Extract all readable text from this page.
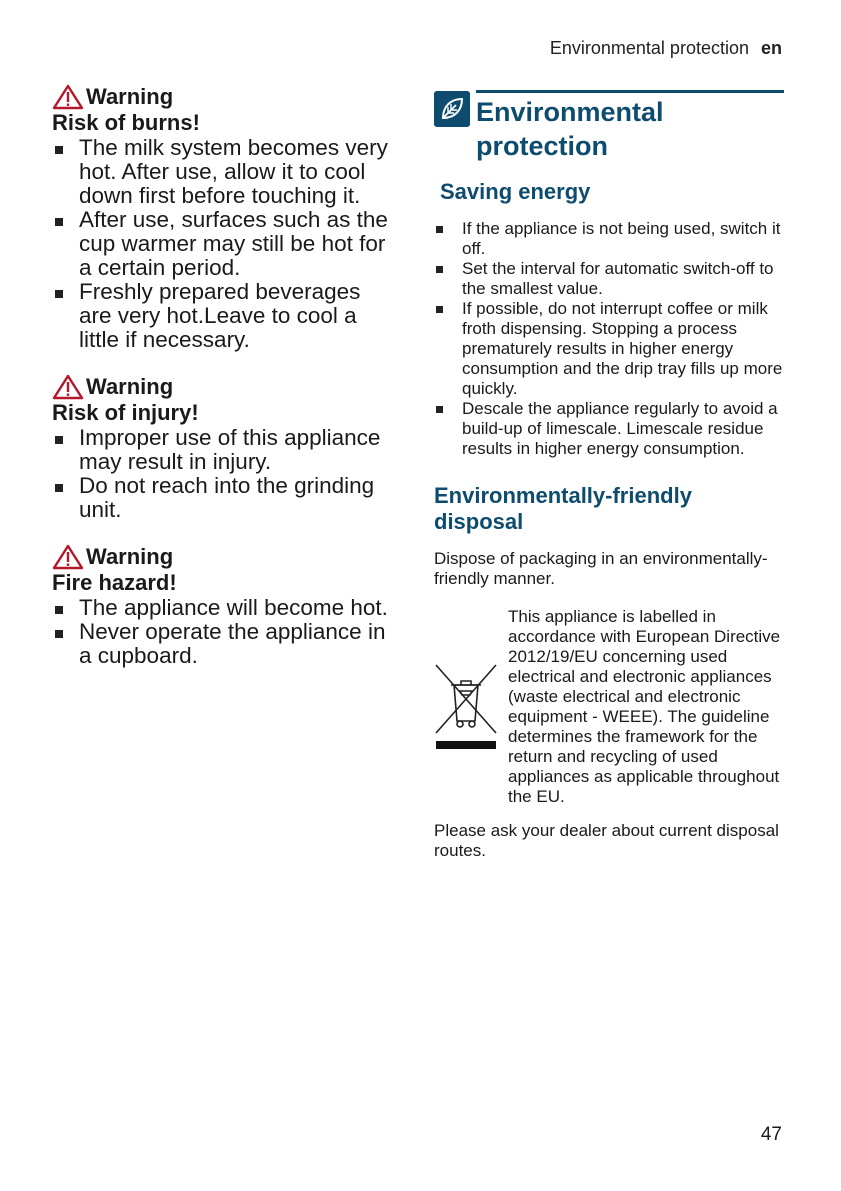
Environmental protection en
Warning
Risk of burns!
The milk system becomes very hot. After use, allow it to cool down first before touching it.
After use, surfaces such as the cup warmer may still be hot for a certain period.
Freshly prepared beverages are very hot.Leave to cool a little if necessary.
Warning
Risk of injury!
Improper use of this appliance may result in injury.
Do not reach into the grinding unit.
Warning
Fire hazard!
The appliance will become hot.
Never operate the appliance in a cupboard.
Environmental protection
Saving energy
If the appliance is not being used, switch it off.
Set the interval for automatic switch-off to the smallest value.
If possible, do not interrupt coffee or milk froth dispensing. Stopping a process prematurely results in higher energy consumption and the drip tray fills up more quickly.
Descale the appliance regularly to avoid a build-up of limescale. Limescale residue results in higher energy consumption.
Environmentally-friendly disposal

Dispose of packaging in an environmentally-friendly manner.

This appliance is labelled in accordance with European Directive 2012/19/EU concerning used electrical and electronic appliances (waste electrical and electronic equipment - WEEE). The guideline determines the framework for the return and recycling of used appliances as applicable throughout the EU.

Please ask your dealer about current disposal routes.

47
